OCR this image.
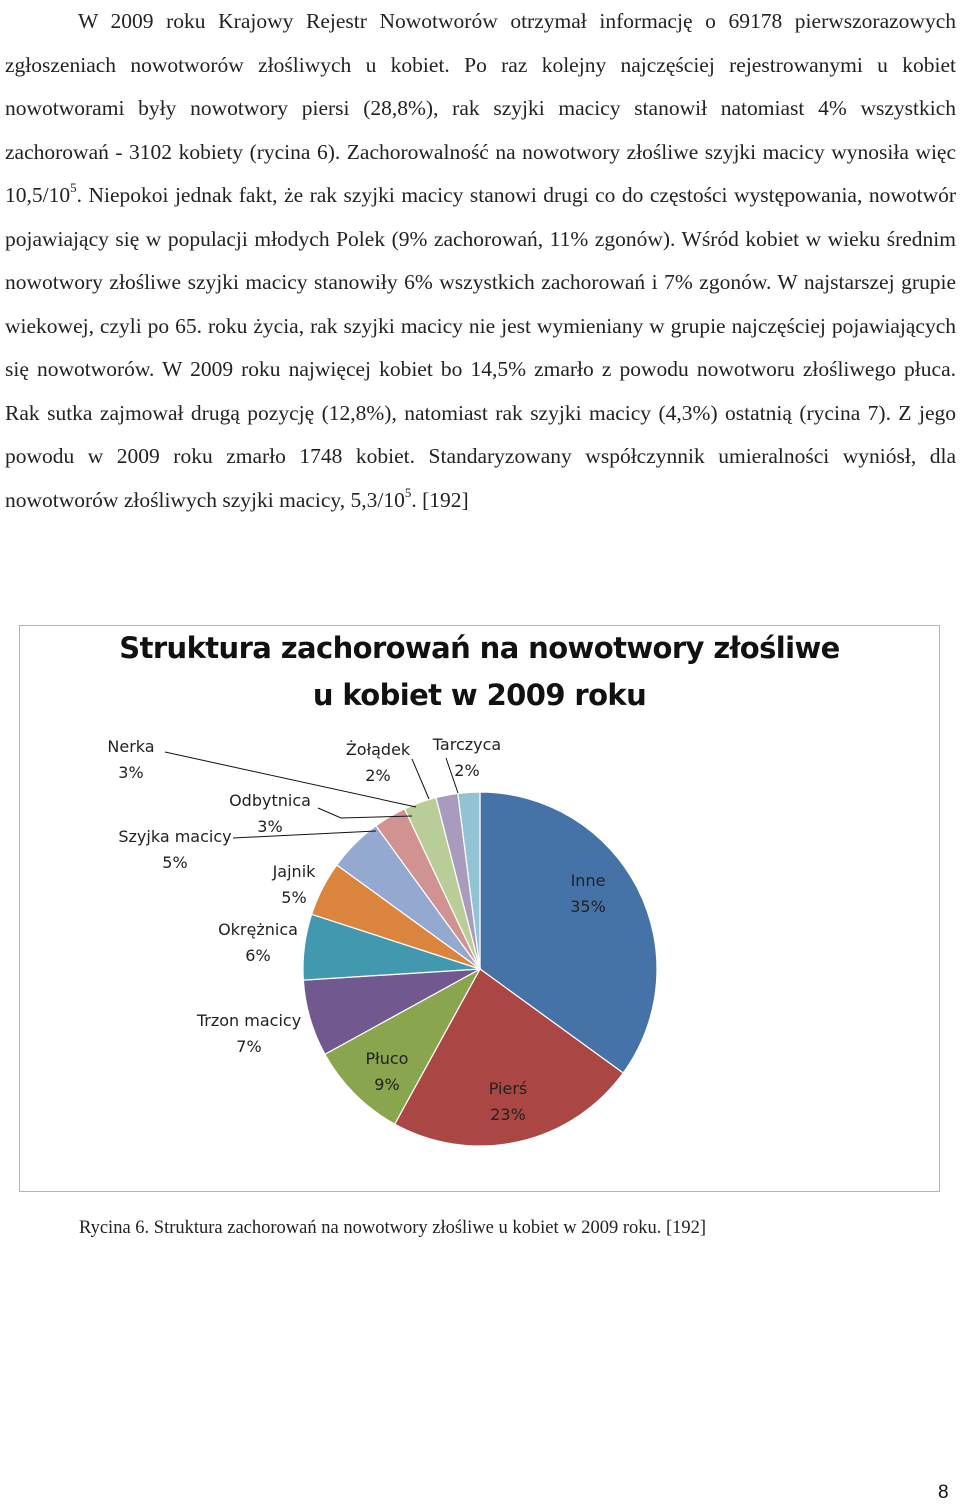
W 2009 roku Krajowy Rejestr Nowotworów otrzymał informację o 69178 pierwszorazowych zgłoszeniach nowotworów złośliwych u kobiet. Po raz kolejny najczęściej rejestrowanymi u kobiet nowotworami były nowotwory piersi (28,8%), rak szyjki macicy stanowił natomiast 4% wszystkich zachorowań - 3102 kobiety (rycina 6). Zachorowalność na nowotwory złośliwe szyjki macicy wynosiła więc $10,5/10^5$. Niepokoi jednak fakt, że rak szyjki macicy stanowi drugi co do częstości występowania, nowotwór pojawiający się w populacji młodych Polek (9% zachorowań, 11% zgonów). Wśród kobiet w wieku średnim nowotwory złośliwe szyjki macicy stanowiły 6% wszystkich zachorowań i 7% zgonów. W najstarszej grupie wiekowej, czyli po 65. roku życia, rak szyjki macicy nie jest wymieniany w grupie najczęściej pojawiających się nowotworów. W 2009 roku najwięcej kobiet bo 14,5% zmarło z powodu nowotworu złośliwego płuca. Rak sutka zajmował drugą pozycję (12,8%), natomiast rak szyjki macicy (4,3%) ostatnią (rycina 7). Z jego powodu w 2009 roku zmarło 1748 kobiet. Standaryzowany współczynnik umieralności wyniósł, dla nowotworów złośliwych szyjki macicy, $5,3/10^5$. [192]

Struktura zachorowań na nowotwory złośliwe
u kobiet w 2009 roku
Inne
35%
Pierś
23%
Płuco
9%
Trzon macicy
7%
Okrężnica
6%
Jajnik
5%
Szyjka macicy
5%
Odbytnica
3%
Nerka
3%
Żołądek
2%
Tarczyca
2%
Rycina 6. Struktura zachorowań na nowotwory złośliwe u kobiet w 2009 roku. [192]
8
